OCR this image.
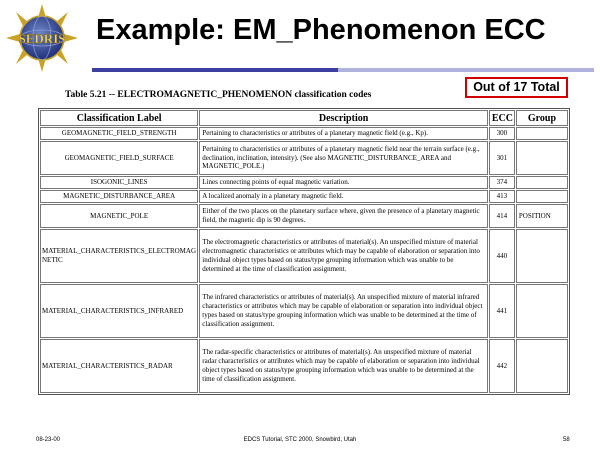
SEDRIS Example: EM_Phenomenon ECC
Out of 17 Total
Table 5.21 -- ELECTROMAGNETIC_PHENOMENON classification codes
Classification Label	Description	ECC	Group
GEOMAGNETIC_FIELD_STRENGTH	Pertaining to characteristics or attributes of a planetary magnetic field (e.g., Kp).	300	
GEOMAGNETIC_FIELD_SURFACE	Pertaining to characteristics or attributes of a planetary magnetic field near the terrain surface (e.g., declination, inclination, intensity). (See also MAGNETIC_DISTURBANCE_AREA and MAGNETIC_POLE.)	301	
ISOGONIC_LINES	Lines connecting points of equal magnetic variation.	374	
MAGNETIC_DISTURBANCE_AREA	A localized anomaly in a planetary magnetic field.	413	
MAGNETIC_POLE	Either of the two places on the planetary surface where, given the presence of a planetary magnetic field, the magnetic dip is 90 degrees.	414	POSITION
MATERIAL_CHARACTERISTICS_ELECTROMAGNETIC	The electromagnetic characteristics or attributes of material(s). An unspecified mixture of material electromagnetic characteristics or attributes which may be capable of elaboration or separation into individual object types based on status/type grouping information which was unable to be determined at the time of classification assignment.	440	
MATERIAL_CHARACTERISTICS_INFRARED	The infrared characteristics or attributes of material(s). An unspecified mixture of material infrared characteristics or attributes which may be capable of elaboration or separation into individual object types based on status/type grouping information which was unable to be determined at the time of classification assignment.	441	
MATERIAL_CHARACTERISTICS_RADAR	The radar-specific characteristics or attributes of material(s). An unspecified mixture of material radar characteristics or attributes which may be capable of elaboration or separation into individual object types based on status/type grouping information which was unable to be determined at the time of classification assignment.	442	
08-23-00	EDCS Tutorial, STC 2000, Snowbird, Utah	58
